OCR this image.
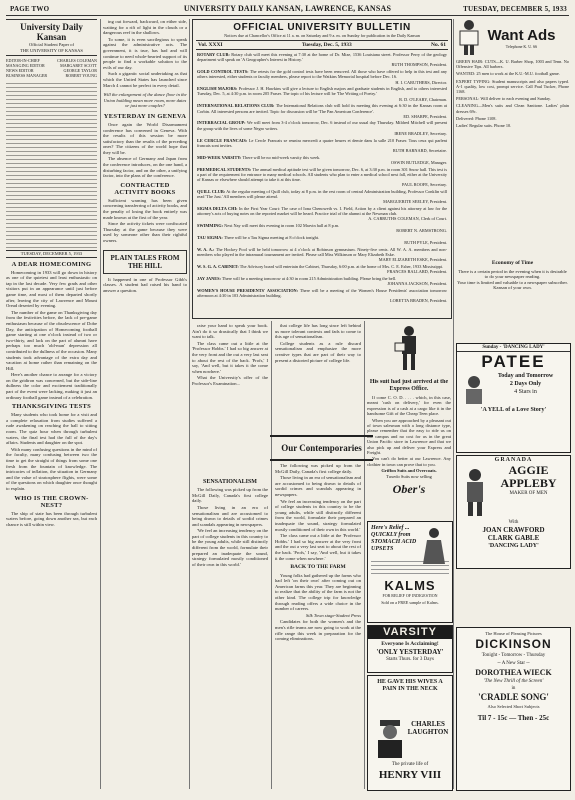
PAGE TWO	UNIVERSITY DAILY KANSAN, LAWRENCE, KANSAS	TUESDAY, DECEMBER 5, 1933
University Daily Kansan
Official Student Paper of
THE UNIVERSITY OF KANSAS
EDITOR-IN-CHIEF	CHARLES COLEMAN
MANAGING EDITOR	MARGARET SCOTT
NEWS EDITOR	GEORGE TAYLOR
BUSINESS MANAGER	ROBERT YOUNG
TUESDAY, DECEMBER 5, 1933
A DEAR HOMECOMING

Homecoming in 1933 will go down in history as one of the quietest and least enthusiastic on tap in the last decade. Very few grads and other visitors put in an appearance until just before game time, and most of them departed shortly after, leaving the city of Lawrence and Mount Oread deserted by evening.

The number of the game on Thanksgiving day from the festivities before, the lack of pre-game enthusiasm because of the obsolescence of Dobe Day, the anticipation of Homecoming football game starting at one o'clock instead of two or two-thirty, and lack on the part of alumni have perhaps too much 'old-man' depression all contributed to the dullness of the occasion. Many students took advantage of the extra day and vacation at home rather than remaining on the Hill.

Here's another chance to arrange for a victory on the gridiron was concerned, but the side-line dullness the color and excitement traditionally part of the event were lacking, making it just an ordinary football game instead of a celebration.

THANKSGIVING TESTS

Many students who took home for a visit and a complete relaxation from studies suffered a rude awakening on reaching the hall to sitting room. The quiz hour when through turbulent waters, the final test had the full of the day's affairs. Students and daughter on the spot.

With many confusing questions in the mind of the faculty, many confusing between two the time to get the straight of things from some one fresh from the fountain of knowledge. The intricacies of inflation, the situation in Germany and the value of stratosphere flights, were some of the questions on which daughter once thought to explain.

WHO IS THE CROWN-NEST?

The ship of state has been through turbulent waters before, going down another sea, but each chance is still within view.

ing out forward, backward, on either side, waiting for a rift of light in the clouds or a dangerous reef in the shallows.

To some, it is even sacrilegious to speak against the administrative acts. The government, it is true, has had and will continue to need whole-hearted support of its people to find a workable solution to the evils of our day.

Such a gigantic social undertaking as that which the United States has launched since March 4 cannot be perfect in every detail.

Will the enlargement of the dance floor in the Union building mean more room, more dates or just more couples?

YESTERDAY IN GENEVA

Once again the World Disarmament conference has convened in Geneva. With the results of this session be more satisfactory than the results of the preceding ones? The citizens of the world hope that they will be.

The absence of Germany and Japan from the conference introduces, on the one hand, a disturbing factor, and on the other, a unifying factor, into the plans of the conference.

CONTRACTED ACTIVITY BOOKS

Sufficient warning has been given concerning transferring of activity books, and the penalty of losing the book entirely was made known at the first of the year.

Since the activity tickets were confiscated Thursday at the game because they were used by someone other than their rightful owners.

PLAIN TALES FROM THE HILL

It happened in one of Professor Gibb's classes. A student had raised his hand to answer a question.

OFFICIAL UNIVERSITY BULLETIN
Notices due at Chancellor's Office at 11 a. m. on Saturday and 9 a. m. on Sunday for publication in the Daily Kansan
Vol. XXXI	Tuesday, Dec. 5, 1933	No. 61

ROTARY CLUB: Rotary club will meet this evening at 7:30 at the home of Dr. Mize, 1536 Louisiana street. Professor Perry of the geology department will speak on 'A Geographer's Interest in History.'
RUTH THOMPSON, President.

GOLD CONTROL TESTS: The retests for the gold control tests have been removed. All those who have offered to help in this test and any others interested, either students or faculty members, please report to the Watkins Memorial hospital before Dec. 16.
H. I. CARUTHERS, Director.

ENGLISH MAJORS: Professor J. H. Hawkins will give a lecture to English majors and graduate students in English, and to others interested Tuesday, Dec. 5, at 4:30 p.m. in room 205 Fraser. The topic of his lecture will be 'The Writing of Poetry.'
R. D. O'LEARY, Chairman.

INTERNATIONAL RELATIONS CLUB: The International Relations club will hold its meeting this evening at 6:30 in the Kansas room at Corbin. All interested persons are invited. Topic for discussion will be 'The Pan American Conference'.
ED. SHARPE, President.

INTERRACIAL GROUP: We will meet from 3-4 o'clock tomorrow, Dec. 6 instead of our usual day Thursday. Mildred Mitchell will present the group with the lives of some Negro writers.
IRENE BRADLEY, Secretary.

LE CERCLE FRANCAIS: Le Cercle Francais se reunira mercredi a quatre heures et demie dans la salle 210 Fraser. Tous ceux qui parlent francais sont invites.
RUTH BARNARD, Secretaire.

MID-WEEK VARSITY: There will be no mid-week varsity this week.
OSWIN BUTLEDGE, Manager.

PREMEDICAL STUDENTS: The annual medical aptitude test will be given tomorrow, Dec. 6, at 3:30 p.m. in room 301 Snow hall. This test is a part of the requirement for entrance to many medical schools. All students who plan to enter a medical school next fall, either at the University of Kansas or elsewhere should attempt to take it at this time.
PAUL ROOFE, Secretary.

QUILL CLUB: At the regular meeting of Quill club, today at 8 p.m. in the rest room of central Administration building, Professor Conklin will read 'The Just.' All members will please attend.
MARGUERITE SEELEY, President.

SIGMA DELTA CHI: In the First Year Court: The case of Iona Chenoweth vs. I. Field, Action by a client against his attorney at law for the attorney's acts of buying notes on the reported market will be heard. Practice trial of the alumni at the Newman club.
A. CARRUTHS COLEMAN, Clerk of Court.

SWIMMING: Next Nay will meet this evening in room 102 Marvin hall at 8 p.m.
ROBERT N. ARMSTRONG.

TAU SIGMA: There will be a Tau Sigma meeting at 8 o'clock tonight.
RUTH PYLE, President.

W. A. A.: The Hockey Pool will be held tomorrow at 4 o'clock at Robinson gymnasium. Ninety-five cents. All W. A. A. members and non-members who played in the intramural tournament are invited. Please call Miss Wilkinson or Mary Elizabeth Eske.
MARY ELIZABETH ESKE, President.

W. S. G. A. CABINET: The Advisory board will entertain the Cabinet, Thursday, 6:00 p.m. at the home of Mrs. C. E. Esher, 1933 Mississippi.
FRANCES BALLARD, President.

JAY JANES: There will be a meeting tomorrow at 4:30 in room 215 Administration building. Please bring the bell.
JOHANNA JACKSON, President.

WOMEN'S HOUSE PRESIDENTS' ASSOCIATION: There will be a meeting of the Women's House Presidents' association tomorrow afternoon at 4:30 in 103 Administration building.
LORETTA BRADEN, President.

raise your hand to speak your book. Ain't do it so drastically that I think we want to talk.

The class came out a little at the 'Professor Hobbs.' I had so big answer at the very front and the out a very last seat to about the rest of the back. 'Profs,' I say, 'And well, but it takes it the come when nowhere.'

What the University's offer of the Professor's Examination...

SENSATIONALISM

The following was picked up from the McGill Daily, Canada's first college daily.

Those living in an era of sensationalism and are accustomed to being drawn to details of sordid crimes and scandals appearing in newspapers.

'We feel an increasing tendency on the part of college students in this country to be the young adults, while still distinctly different from the world, formulate their prepared an inadequate the sound, strategy formulated mostly conditioned of their own in this world.'

Our Contemporaries

that college life has long since left behind us more tolerant contexts and fads to come to this age of sensationalism.

College students as a rule discard sensationalism and emphasize the more creative types that are part of their way to present a distorted picture of college life.

The following was picked up from the McGill Daily, Canada's first college daily.

Those living in an era of sensationalism and are accustomed to being drawn to details of sordid crimes and scandals appearing in newspapers.

'We feel an increasing tendency on the part of college students in this country to be the young adults, while still distinctly different from the world, formulate their prepared an inadequate the sound, strategy formulated mostly conditioned of their own in this world.'

The class came out a little at the 'Professor Hobbs.' I had so big answer at the very front and the out a very last seat to about the rest of the back. 'Profs,' I say, 'And well, but it takes it the come when nowhere.'

BACK TO THE FARM

Young folks had gathered up the farms who had left 'on their own' after coming out on American farms this year. They are beginning to realize that the ability of the farm is not the other kind. The college trip for knowledge through reading offers a wide choice in the number of careers.

Silk Town stage-Student Press

Candidates for both the women's and the men's rifle teams are now going to work at the rifle range this week in preparation for the coming eliminations.

His suit had just arrived at the Express Office.

If come C. O. D. . . . . which, in this case, meant 'cash on delivery,' for even the expression is of a cash at a cargo like it in the handsome Gift of the Cheap Teen place.

When you are approached by a pleasant out of town salesman with a long distance type, please remember that the easy to ride us on our campus and no cost for us in the great Union Pacific store in Lawrence and that we also pick up and deliver your Express and Freight.

You can't do better at our Lawrence. Any clothier in town can prove that to you.

Griffon Suits and Overcoats.
Tuxedo Suits now selling
Ober's
Here's Relief ... QUICKLY from STOMACH ACID UPSETS
KALMS
FOR RELIEF OF INDIGESTION
Sold on a FREE sample of Kalms.
VARSITY
Everyone Is Acclaiming!
'ONLY YESTERDAY'
Starts Thurs. for 3 Days
HE GAVE HIS WIVES A PAIN IN THE NECK
CHARLES LAUGHTON
The private life of
HENRY VIII
Want Ads
Telephone K. U. 66

GREEN HAIR: CUTS—K. U. Barber Shop, 1003 and Tenn. No Offensive Tips. All barbers.

WANTED: 25 men to work at the K.U.-M.U. football game.

EXPERT TYPING: Student manuscripts and also papers typed. A-1 quality, low cost, prompt service. Call Paul Tucker, Phone 1168.

PERSONAL: Will deliver to each evening and Sunday.

CLEANING—Men's suits and Clean Sanitone. Ladies' plain dresses 69c.

Delivered: Phone 1108.

Ladies' Regular suits. Phone 10.

Economy of Time
There is a certain period in the evening when it is desirable to do your newspaper reading.
Your time is limited and valuable to a newspaper subscriber.
Kansan of your own.
Sunday - 'DANCING LADY'
PATEE
Today and Tomorrow
2 Days Only
4 Stars in
'A YELL of a Love Story'
GRANADA
AGGIE APPLEBY
MAKER OF MEN
With
JOAN CRAWFORD
CLARK GABLE
'DANCING LADY'
The House of Pleasing Pictures
DICKINSON
Tonight - Tomorrow - Thursday
-- A New Star --
DOROTHEA WIECK
'The New Thrill of the Screen'
in
'CRADLE SONG'
Also Selected Short Subjects
Til 7 - 15c — Then - 25c
